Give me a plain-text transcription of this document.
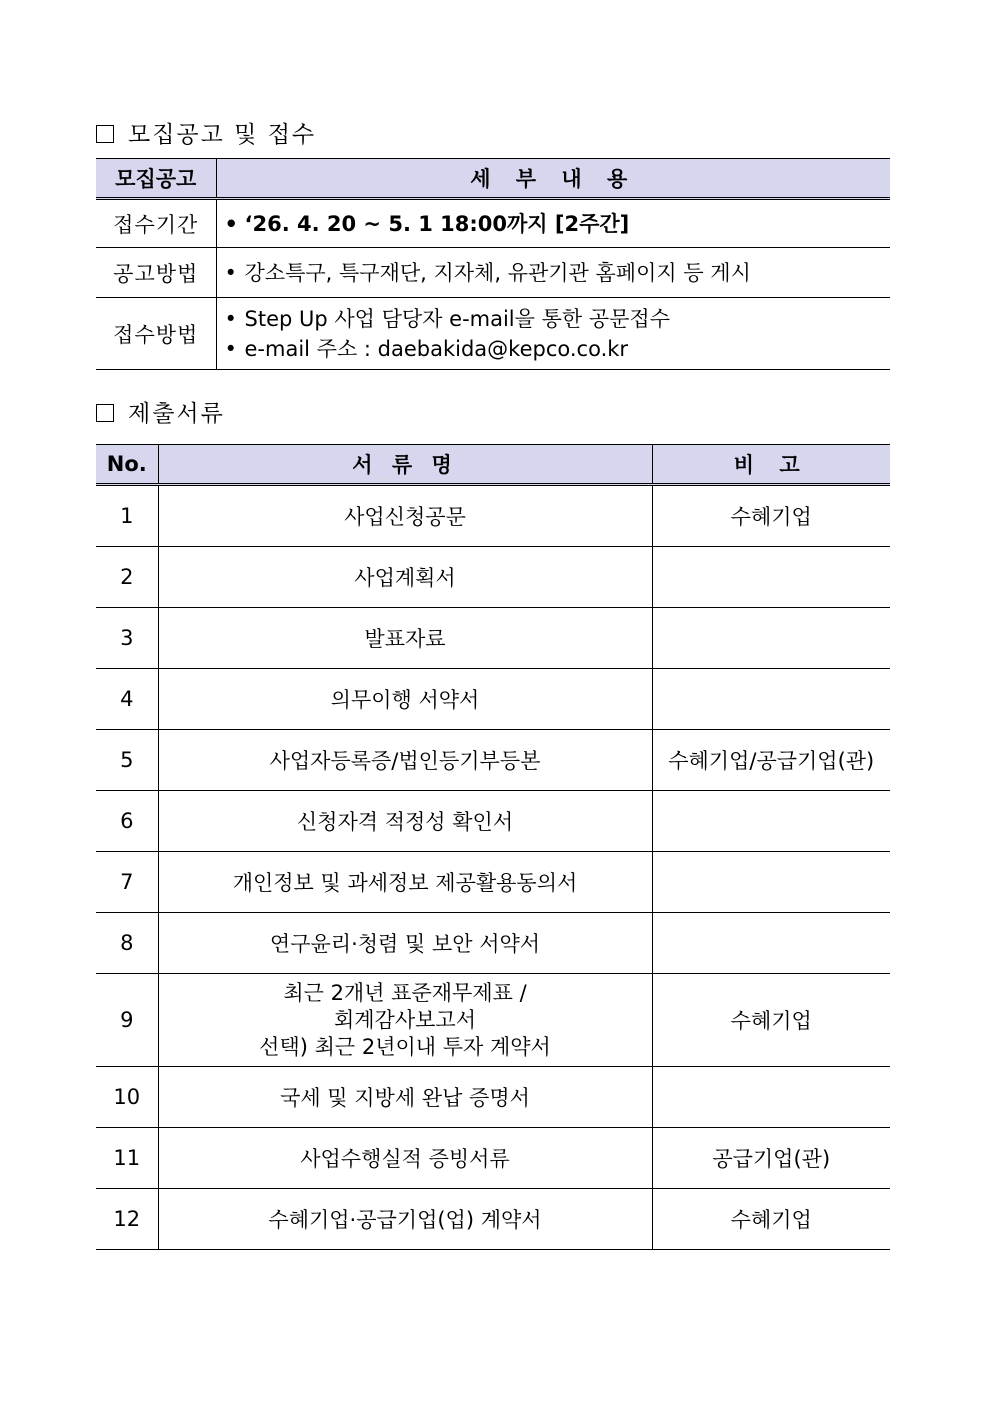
모집공고 및 접수
모집공고	세 부 내 용
접수기간	• ‘26. 4. 20 ~ 5. 1 18:00까지 [2주간]

공고방법	• 강소특구, 특구재단, 지자체, 유관기관 홈페이지 등 게시

접수방법	• Step Up 사업 담당자 e-mail을 통한 공문접수
• e-mail 주소 : daebakida@kepco.co.kr
제출서류
No.	서 류 명	비 고
1	사업신청공문	수혜기업
2	사업계획서	
3	발표자료	
4	의무이행 서약서	
5	사업자등록증/법인등기부등본	수혜기업/공급기업(관)
6	신청자격 적정성 확인서	
7	개인정보 및 과세정보 제공활용동의서	
8	연구윤리·청렴 및 보안 서약서	
9	최근 2개년 표준재무제표 /
회계감사보고서
선택) 최근 2년이내 투자 계약서	수혜기업
10	국세 및 지방세 완납 증명서	
11	사업수행실적 증빙서류	공급기업(관)
12	수혜기업·공급기업(업) 계약서	수혜기업
